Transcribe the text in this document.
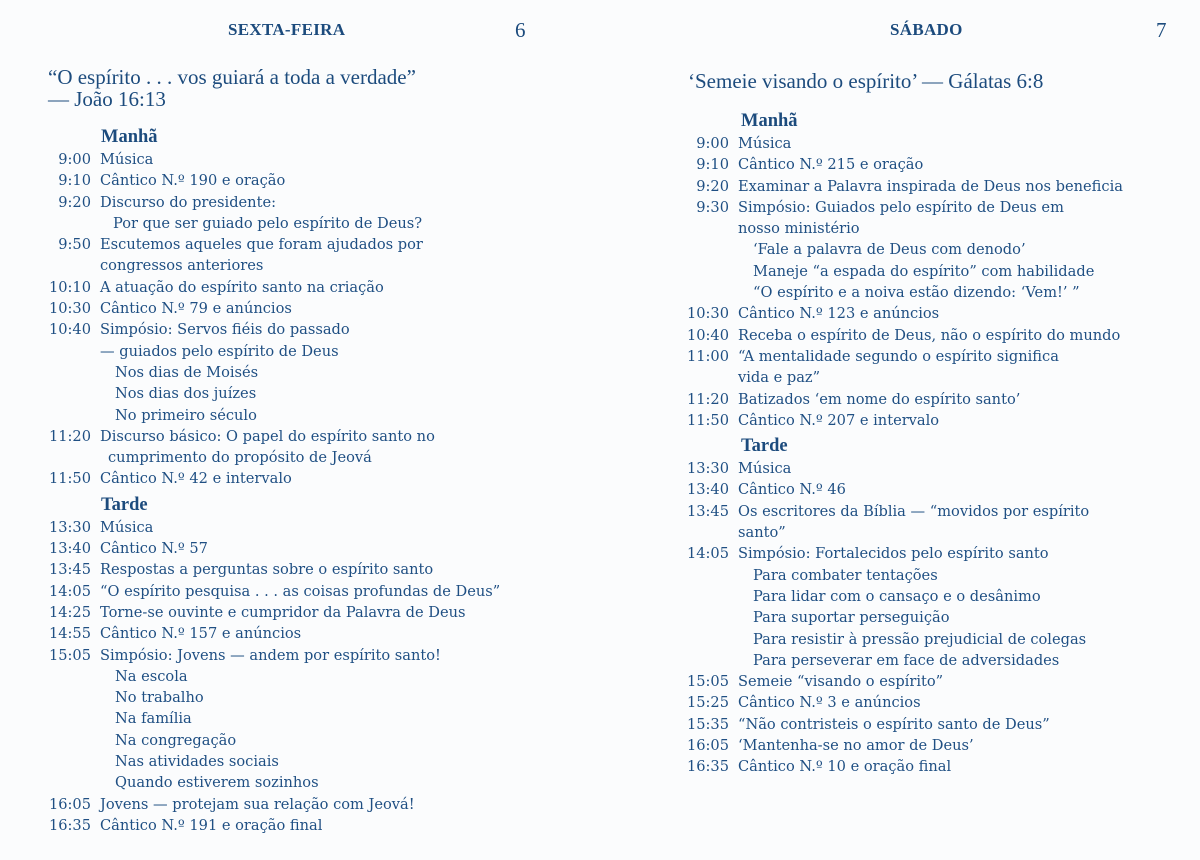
SEXTA-FEIRA	6
“O espírito . . . vos guiará a toda a verdade”
— João 16:13
Manhã
9:00 Música
9:10 Cântico N.º 190 e oração
9:20 Discurso do presidente:
Por que ser guiado pelo espírito de Deus?
9:50 Escutemos aqueles que foram ajudados por
congressos anteriores
10:10 A atuação do espírito santo na criação
10:30 Cântico N.º 79 e anúncios
10:40 Simpósio: Servos fiéis do passado
— guiados pelo espírito de Deus
Nos dias de Moisés
Nos dias dos juízes
No primeiro século
11:20 Discurso básico: O papel do espírito santo no
cumprimento do propósito de Jeová
11:50 Cântico N.º 42 e intervalo
Tarde
13:30 Música
13:40 Cântico N.º 57
13:45 Respostas a perguntas sobre o espírito santo
14:05 “O espírito pesquisa . . . as coisas profundas de Deus”
14:25 Torne-se ouvinte e cumpridor da Palavra de Deus
14:55 Cântico N.º 157 e anúncios
15:05 Simpósio: Jovens — andem por espírito santo!
Na escola
No trabalho
Na família
Na congregação
Nas atividades sociais
Quando estiverem sozinhos
16:05 Jovens — protejam sua relação com Jeová!
16:35 Cântico N.º 191 e oração final
SÁBADO	7
‘Semeie visando o espírito’ — Gálatas 6:8
Manhã
9:00 Música
9:10 Cântico N.º 215 e oração
9:20 Examinar a Palavra inspirada de Deus nos beneficia
9:30 Simpósio: Guiados pelo espírito de Deus em
nosso ministério
‘Fale a palavra de Deus com denodo’
Maneje “a espada do espírito” com habilidade
“O espírito e a noiva estão dizendo: ‘Vem!’ ”
10:30 Cântico N.º 123 e anúncios
10:40 Receba o espírito de Deus, não o espírito do mundo
11:00 “A mentalidade segundo o espírito significa
vida e paz”
11:20 Batizados ‘em nome do espírito santo’
11:50 Cântico N.º 207 e intervalo
Tarde
13:30 Música
13:40 Cântico N.º 46
13:45 Os escritores da Bíblia — “movidos por espírito
santo”
14:05 Simpósio: Fortalecidos pelo espírito santo
Para combater tentações
Para lidar com o cansaço e o desânimo
Para suportar perseguição
Para resistir à pressão prejudicial de colegas
Para perseverar em face de adversidades
15:05 Semeie “visando o espírito”
15:25 Cântico N.º 3 e anúncios
15:35 “Não contristeis o espírito santo de Deus”
16:05 ‘Mantenha-se no amor de Deus’
16:35 Cântico N.º 10 e oração final
